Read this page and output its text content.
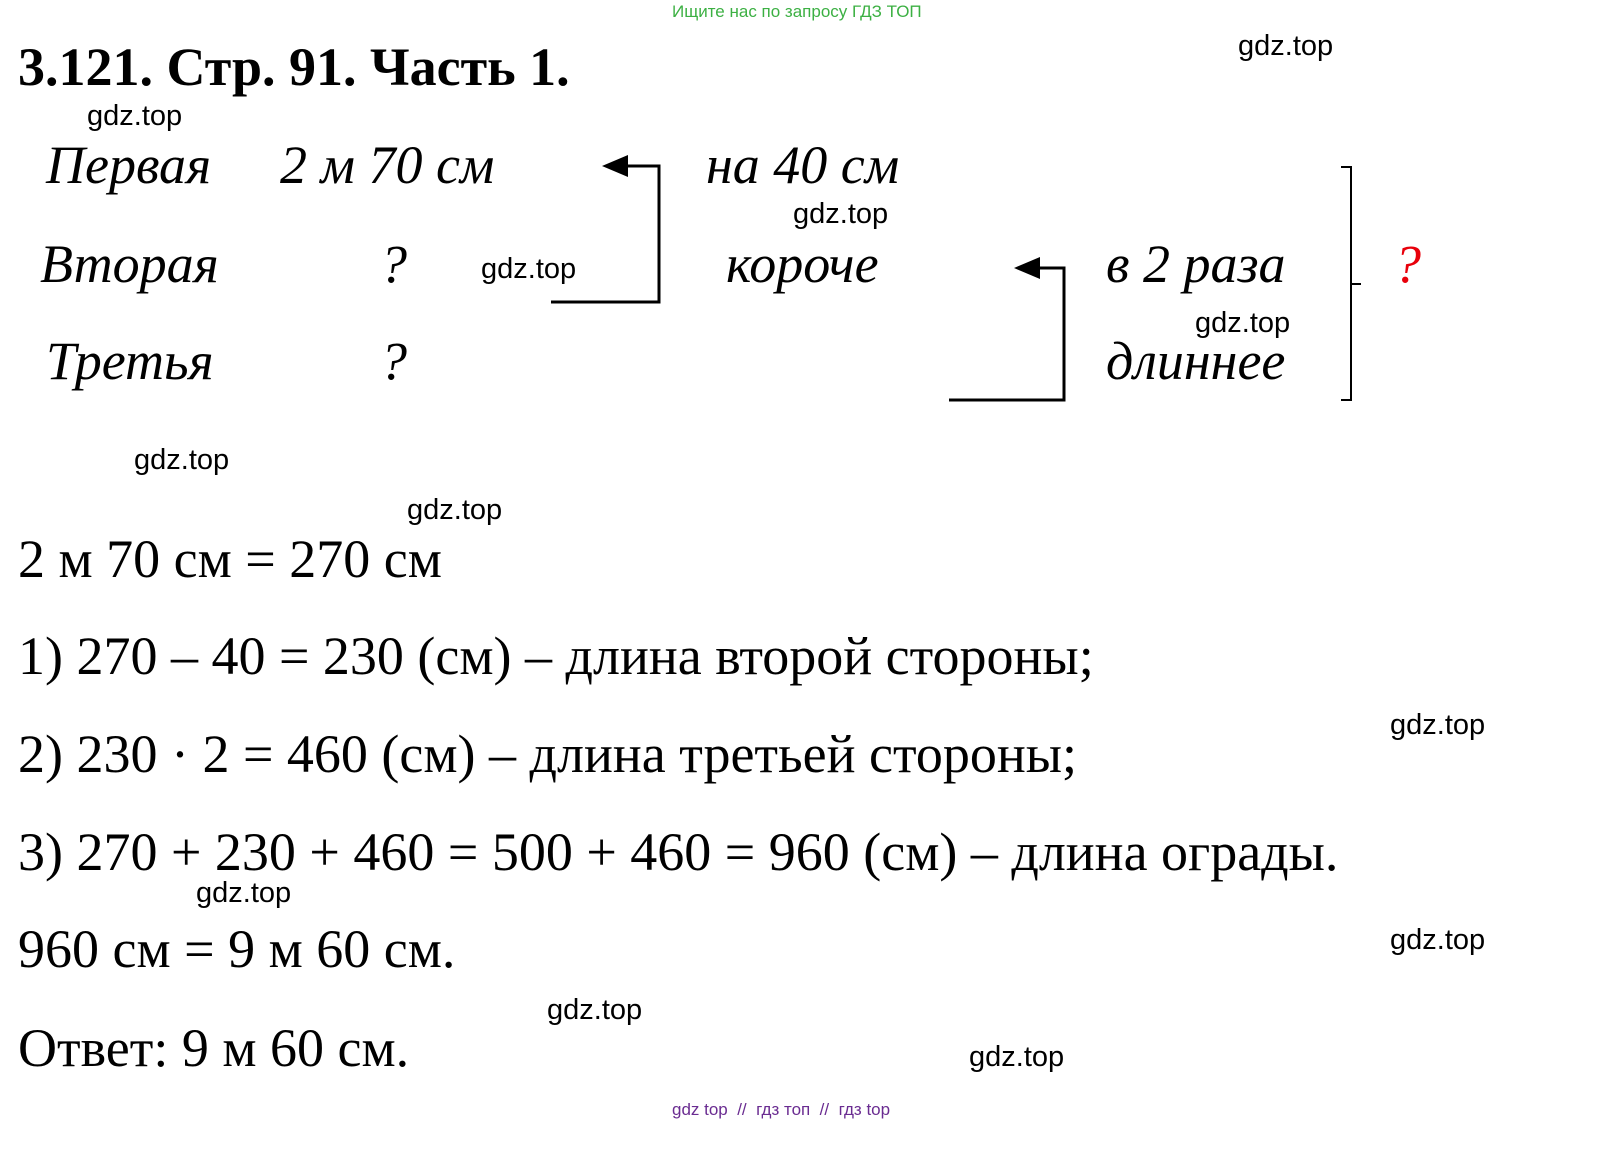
Ищите нас по запросу ГДЗ ТОП
3.121. Стр. 91. Часть 1.
Первая 2 м 70 см
Вторая	?
Третья	?
на 40 см
короче	в 2 раза
длиннее
?
2 м 70 см = 270 см
1) 270 – 40 = 230 (см) – длина второй стороны;
2) 230 · 2 = 460 (см) – длина третьей стороны;
3) 270 + 230 + 460 = 500 + 460 = 960 (см) – длина ограды.
960 см = 9 м 60 см.
Ответ: 9 м 60 см.
gdz.top
gdz.top
gdz.top
gdz.top
gdz.top
gdz.top
gdz.top
gdz.top
gdz.top
gdz.top
gdz.top
gdz.top
gdz top  //  гдз топ  //  гдз top
